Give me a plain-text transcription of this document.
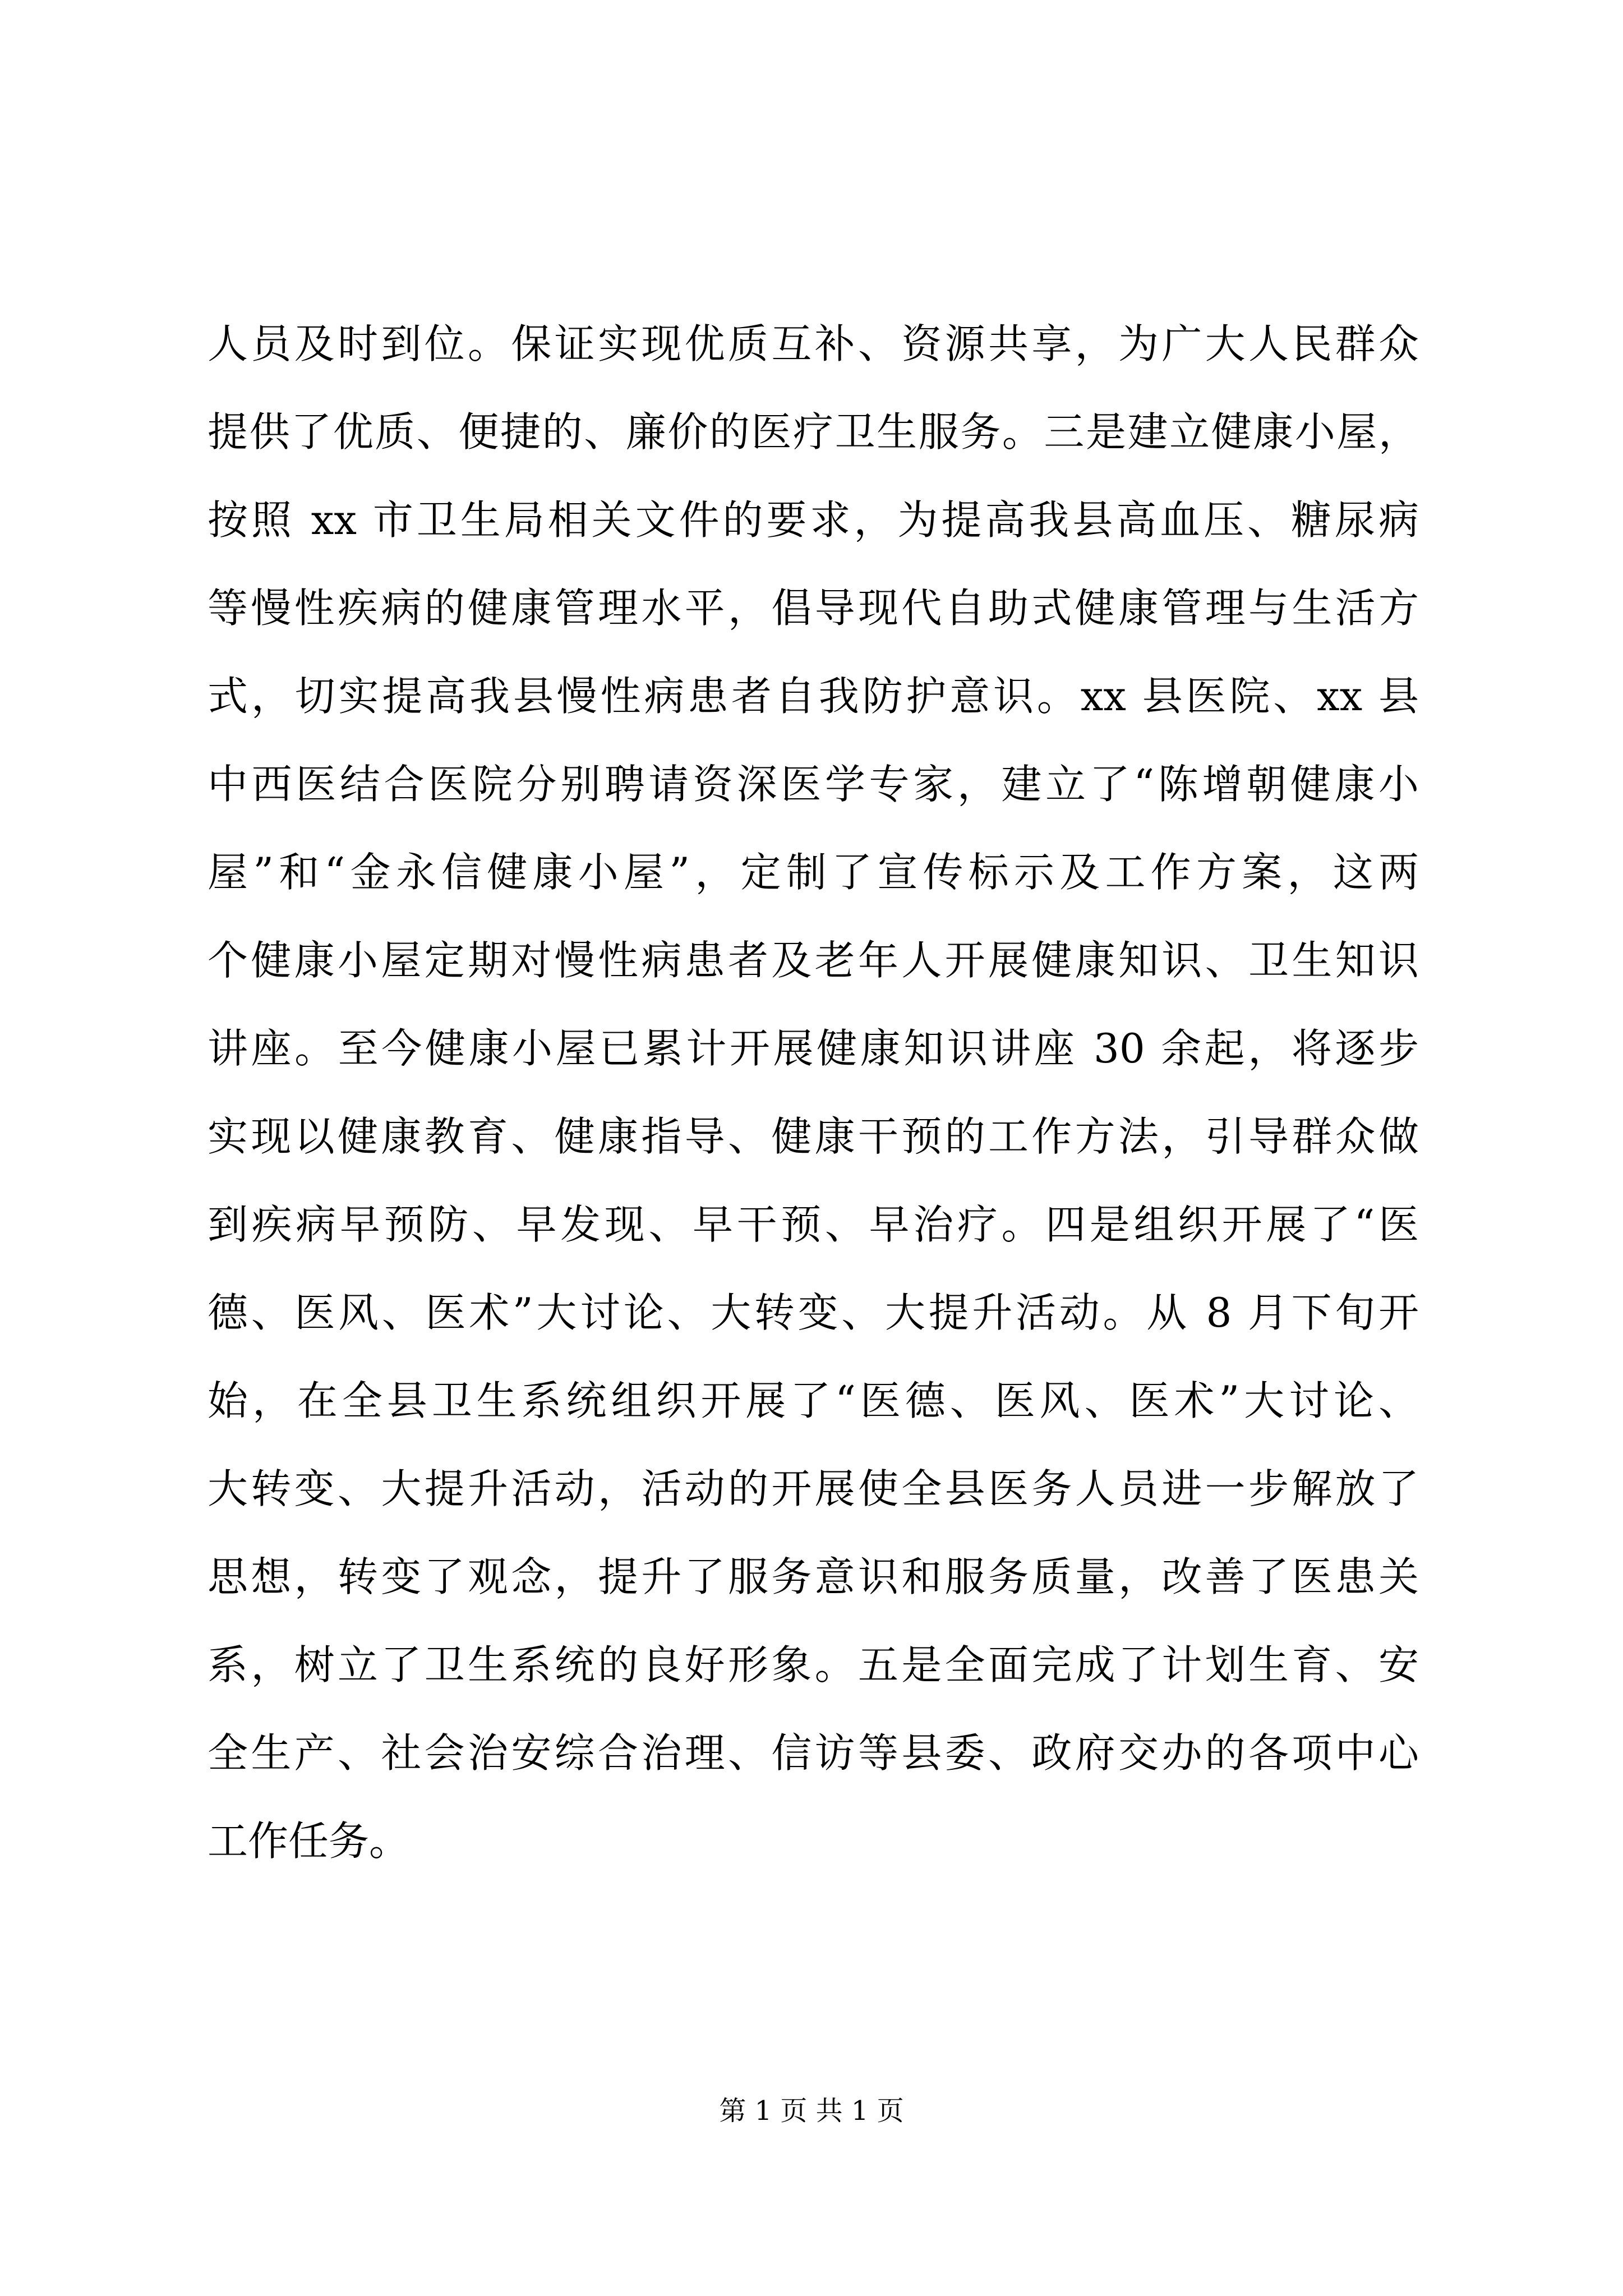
人员及时到位。保证实现优质互补、资源共享，为广大人民群众
提供了优质、便捷的、廉价的医疗卫生服务。三是建立健康小屋，
按照 xx 市卫生局相关文件的要求，为提高我县高血压、糖尿病
等慢性疾病的健康管理水平，倡导现代自助式健康管理与生活方
式，切实提高我县慢性病患者自我防护意识。xx 县医院、xx 县
中西医结合医院分别聘请资深医学专家，建立了“陈增朝健康小
屋”和“金永信健康小屋”，定制了宣传标示及工作方案，这两
个健康小屋定期对慢性病患者及老年人开展健康知识、卫生知识
讲座。至今健康小屋已累计开展健康知识讲座 30 余起，将逐步
实现以健康教育、健康指导、健康干预的工作方法，引导群众做
到疾病早预防、早发现、早干预、早治疗。四是组织开展了“医
德、医风、医术”大讨论、大转变、大提升活动。从 8 月下旬开
始，在全县卫生系统组织开展了“医德、医风、医术”大讨论、
大转变、大提升活动，活动的开展使全县医务人员进一步解放了
思想，转变了观念，提升了服务意识和服务质量，改善了医患关
系，树立了卫生系统的良好形象。五是全面完成了计划生育、安
全生产、社会治安综合治理、信访等县委、政府交办的各项中心
工作任务。
第 1 页 共 1 页
